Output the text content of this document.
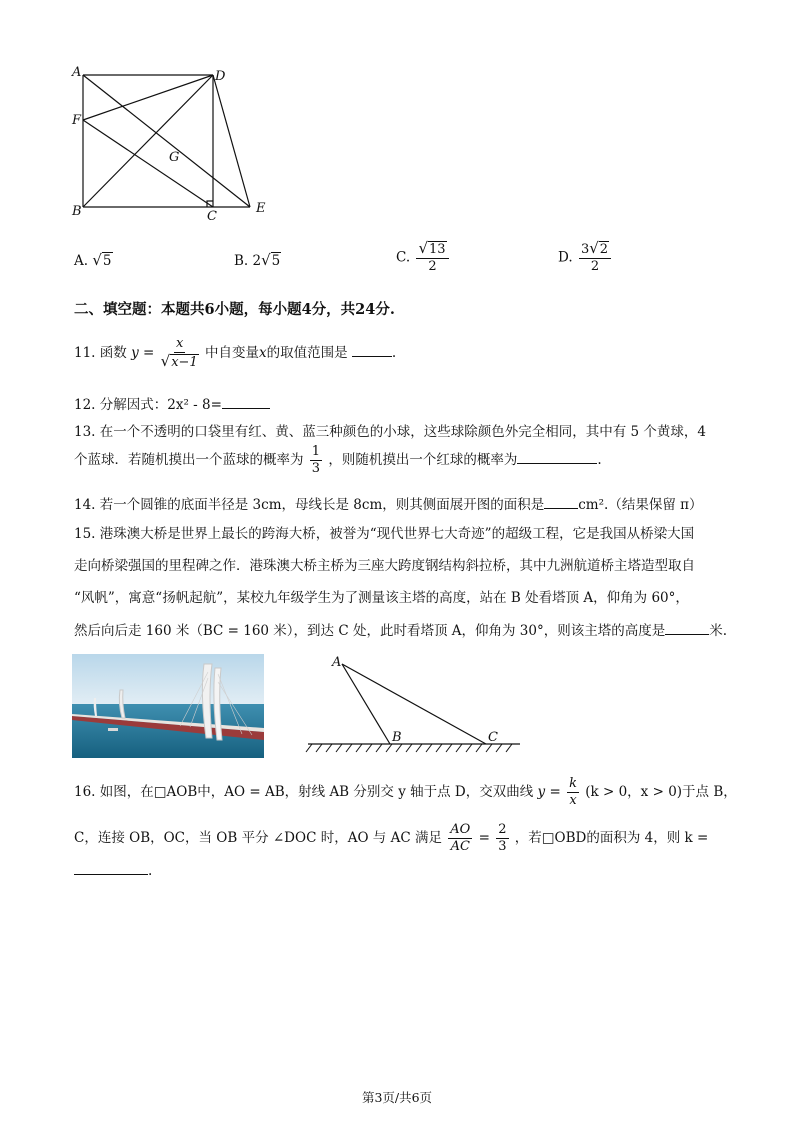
A	D
F
G
B	C
E
A. √5	B. 2√5	C. $\frac{√13}{2}$	D. $\frac{3√2}{2}$
二、填空题：本题共6小题，每小题4分，共24分.
11. 函数 $y = \frac{x}{√x-1}$ 中自变量x的取值范围是	.
12. 分解因式：2x² - 8=
13. 在一个不透明的口袋里有红、黄、蓝三种颜色的小球，这些球除颜色外完全相同，其中有 5 个黄球，4
个蓝球．若随机摸出一个蓝球的概率为 $\frac{1}{3}$ ，则随机摸出一个红球的概率为	.
14. 若一个圆锥的底面半径是 3cm，母线长是 8cm，则其侧面展开图的面积是	cm².（结果保留 π）
15. 港珠澳大桥是世界上最长的跨海大桥，被誉为“现代世界七大奇迹”的超级工程，它是我国从桥梁大国
走向桥梁强国的里程碑之作．港珠澳大桥主桥为三座大跨度钢结构斜拉桥，其中九洲航道桥主塔造型取自
“风帆”，寓意“扬帆起航”，某校九年级学生为了测量该主塔的高度，站在 B 处看塔顶 A，仰角为 60°，
然后向后走 160 米（BC = 160 米），到达 C 处，此时看塔顶 A，仰角为 30°，则该主塔的高度是	米.
A
B	C
16. 如图，在□AOB中，AO = AB，射线 AB 分别交 y 轴于点 D，交双曲线 $y = \frac{k}{x} (k > 0$，x > 0)于点 B，
C，连接 OB，OC，当 OB 平分 ∠DOC 时，AO 与 AC 满足 $\frac{AO}{AC} = \frac{2}{3}$ ，若□OBD的面积为 4，则 k =
.
第3页/共6页
